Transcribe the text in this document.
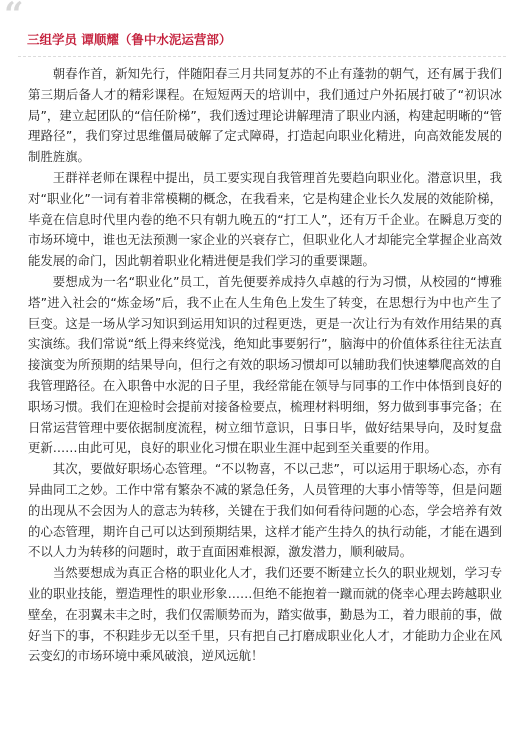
“
三组学员 谭顺耀（鲁中水泥运营部）

朝春作首，新知先行，伴随阳春三月共同复苏的不止有蓬勃的朝气，还有属于我们第三期后备人才的精彩课程。在短短两天的培训中，我们通过户外拓展打破了“初识冰局”，建立起团队的“信任阶梯”，我们透过理论讲解理清了职业内涵，构建起明晰的“管理路径”，我们穿过思维僵局破解了定式障碍，打造起向职业化精进，向高效能发展的制胜旌旗。

王群祥老师在课程中提出，员工要实现自我管理首先要趋向职业化。潜意识里，我对“职业化”一词有着非常模糊的概念，在我看来，它是构建企业长久发展的效能阶梯，毕竟在信息时代里内卷的绝不只有朝九晚五的“打工人”，还有万千企业。在瞬息万变的市场环境中，谁也无法预测一家企业的兴衰存亡，但职业化人才却能完全掌握企业高效能发展的命门，因此朝着职业化精进便是我们学习的重要课题。

要想成为一名“职业化”员工，首先便要养成持久卓越的行为习惯，从校园的“博雅塔”进入社会的“炼金场”后，我不止在人生角色上发生了转变，在思想行为中也产生了巨变。这是一场从学习知识到运用知识的过程更迭，更是一次让行为有效作用结果的真实演练。我们常说“纸上得来终觉浅，绝知此事要躬行”，脑海中的价值体系往往无法直接演变为所预期的结果导向，但行之有效的职场习惯却可以辅助我们快速攀爬高效的自我管理路径。在入职鲁中水泥的日子里，我经常能在领导与同事的工作中体悟到良好的职场习惯。我们在迎检时会提前对接备检要点，梳理材料明细，努力做到事事完备；在日常运营管理中要依据制度流程，树立细节意识，日事日毕，做好结果导向，及时复盘更新……由此可见，良好的职业化习惯在职业生涯中起到至关重要的作用。

其次，要做好职场心态管理。“不以物喜，不以己悲”，可以运用于职场心态，亦有异曲同工之妙。工作中常有繁杂不减的紧急任务，人员管理的大事小情等等，但是问题的出现从不会因为人的意志为转移，关键在于我们如何看待问题的心态，学会培养有效的心态管理，期许自己可以达到预期结果，这样才能产生持久的执行动能，才能在遇到不以人力为转移的问题时，敢于直面困难根源，激发潜力，顺利破局。

当然要想成为真正合格的职业化人才，我们还要不断建立长久的职业规划，学习专业的职业技能，塑造理性的职业形象……但绝不能抱着一蹴而就的侥幸心理去跨越职业壁垒，在羽翼未丰之时，我们仅需顺势而为，踏实做事，勤恳为工，着力眼前的事，做好当下的事，不积跬步无以至千里，只有把自己打磨成职业化人才，才能助力企业在风云变幻的市场环境中乘风破浪，逆风远航！
